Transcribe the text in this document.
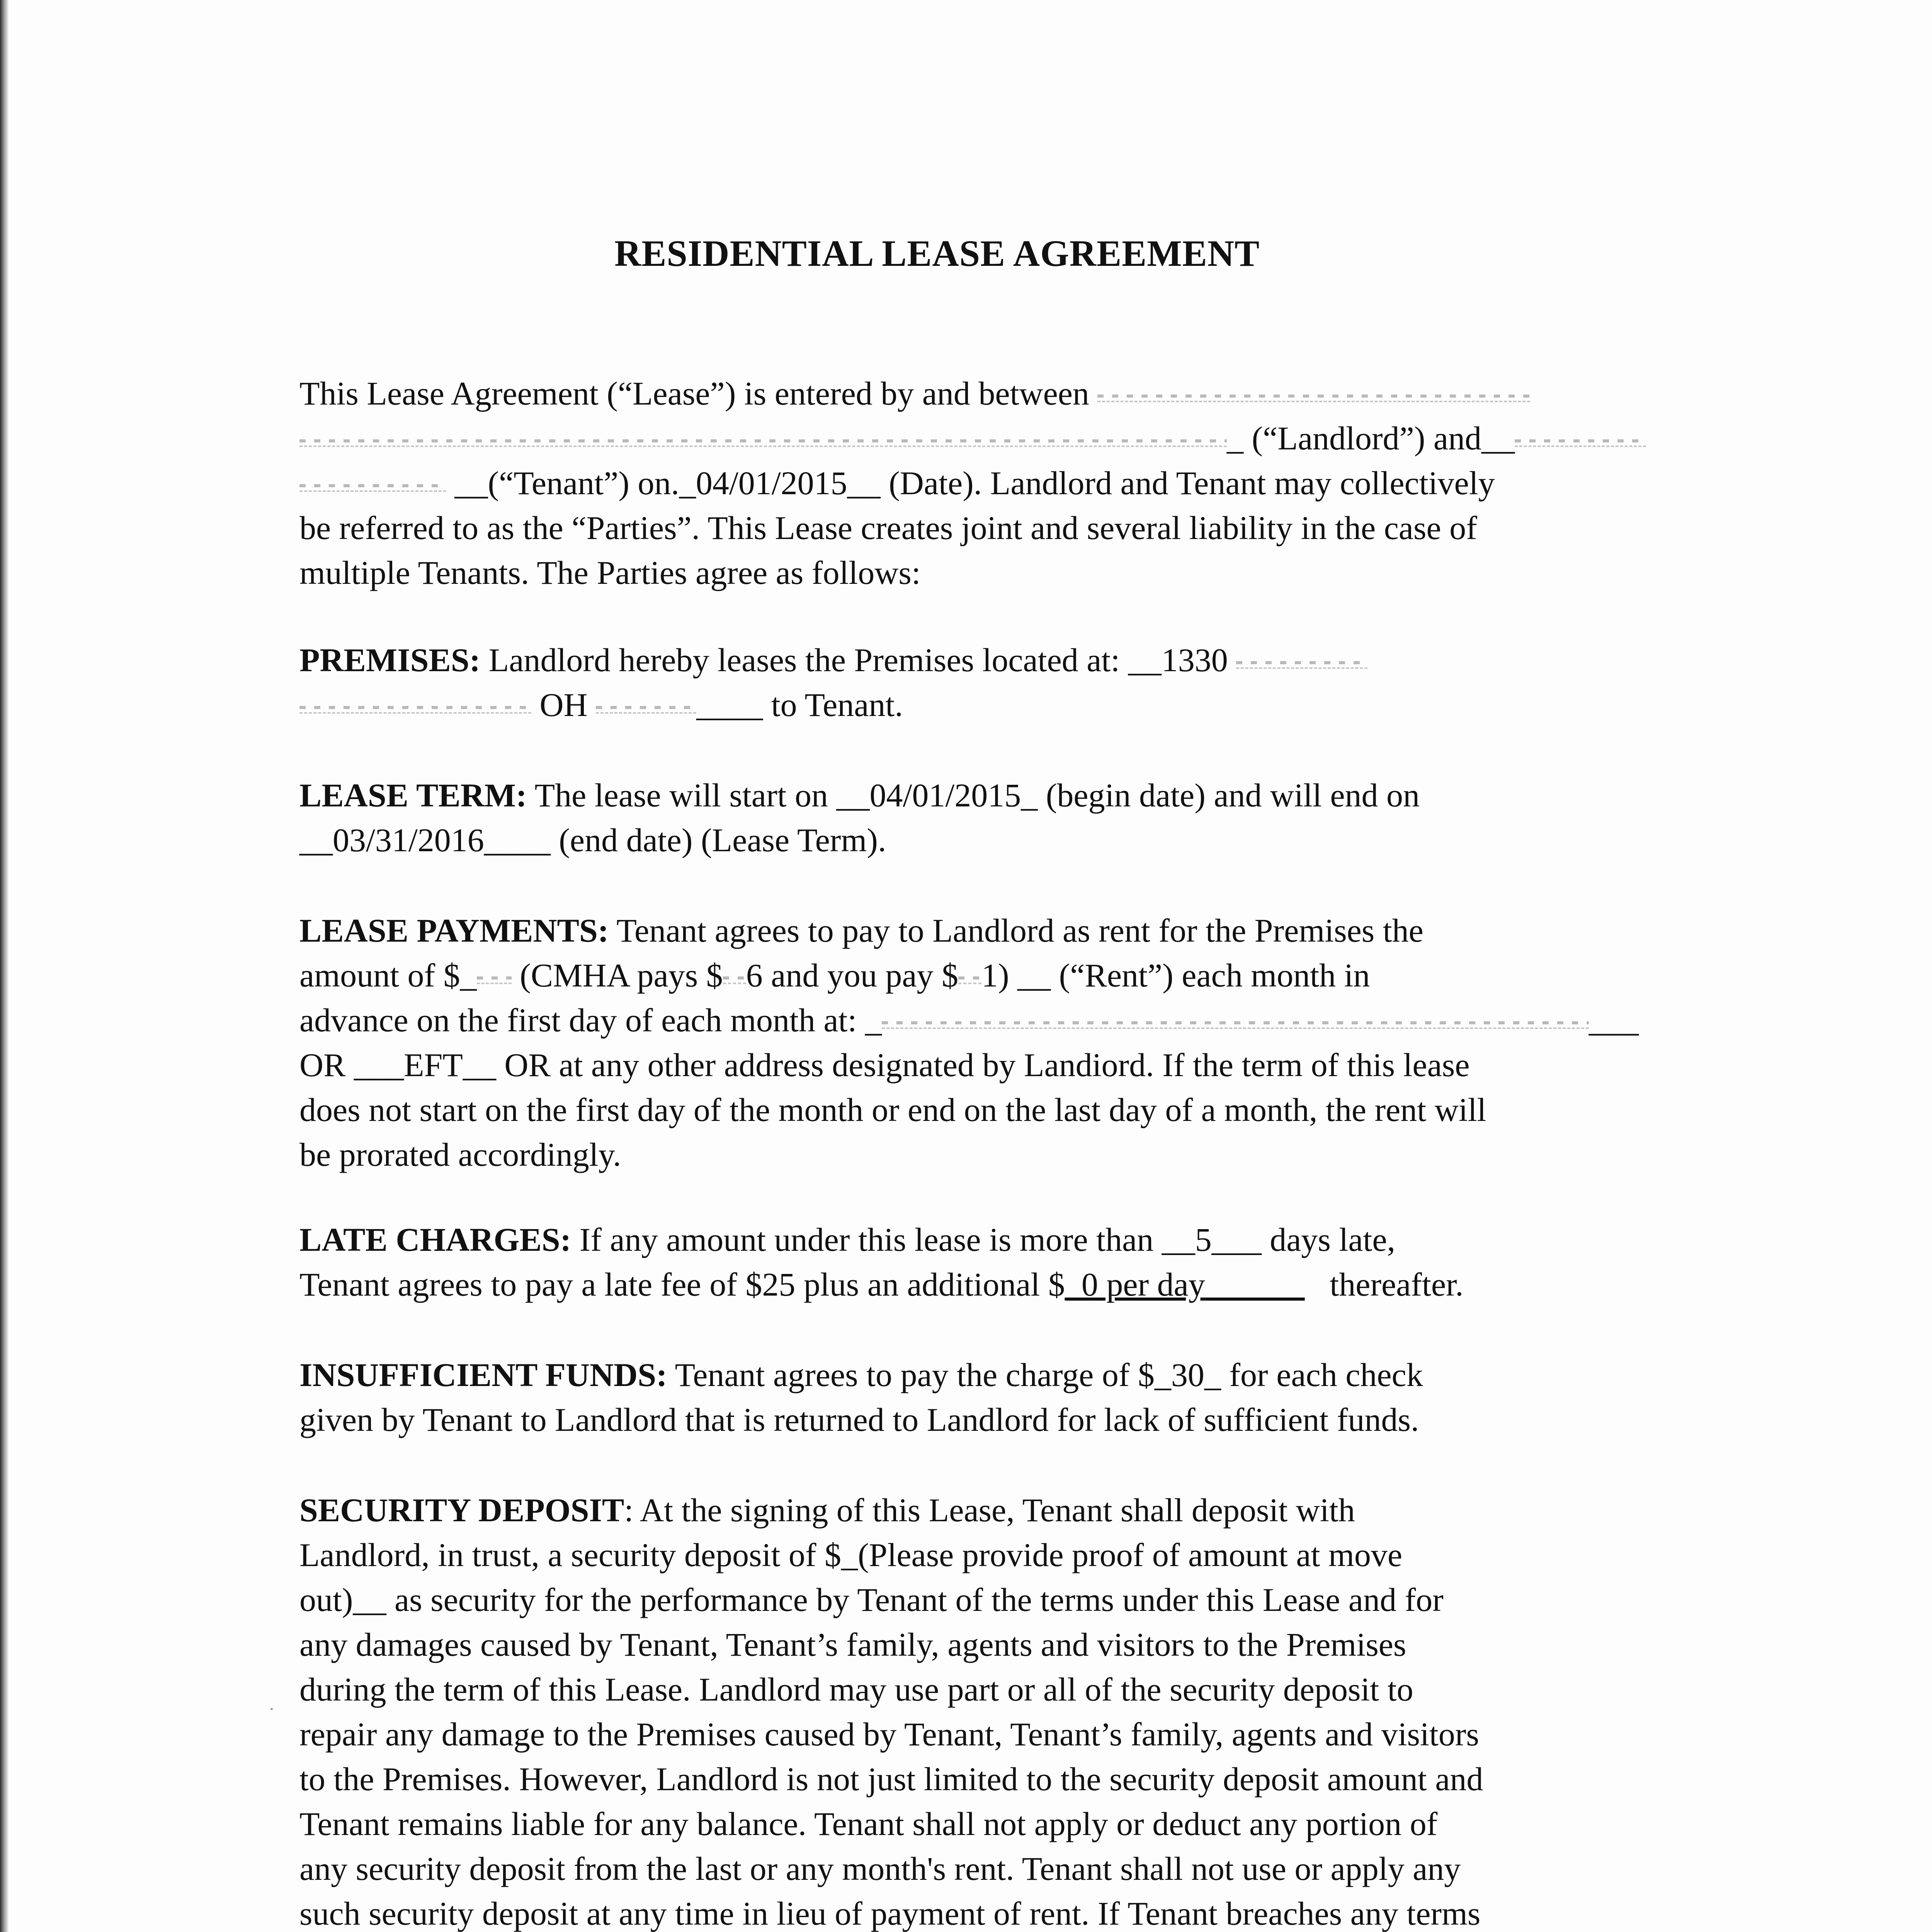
RESIDENTIAL LEASE AGREEMENT
This Lease Agreement (“Lease”) is entered by and between
_ (“Landlord”) and__
__(“Tenant”) on._04/01/2015__ (Date). Landlord and Tenant may collectively
be referred to as the “Parties”. This Lease creates joint and several liability in the case of
multiple Tenants. The Parties agree as follows:
PREMISES: Landlord hereby leases the Premises located at: __1330
OH	____ to Tenant.
LEASE TERM: The lease will start on __04/01/2015_ (begin date) and will end on
__03/31/2016____ (end date) (Lease Term).
LEASE PAYMENTS: Tenant agrees to pay to Landlord as rent for the Premises the
amount of $_ (CMHA pays $ 6 and you pay $ 1) __ (“Rent”) each month in
advance on the first day of each month at: _	___
OR ___EFT__ OR at any other address designated by Landiord. If the term of this lease
does not start on the first day of the month or end on the last day of a month, the rent will
be prorated accordingly.
LATE CHARGES: If any amount under this lease is more than __5___ days late,
Tenant agrees to pay a late fee of $25 plus an additional $_0 per day	thereafter.
INSUFFICIENT FUNDS: Tenant agrees to pay the charge of $_30_ for each check
given by Tenant to Landlord that is returned to Landlord for lack of sufficient funds.
SECURITY DEPOSIT: At the signing of this Lease, Tenant shall deposit with
Landlord, in trust, a security deposit of $_(Please provide proof of amount at move
out)__ as security for the performance by Tenant of the terms under this Lease and for
any damages caused by Tenant, Tenant’s family, agents and visitors to the Premises
during the term of this Lease. Landlord may use part or all of the security deposit to
repair any damage to the Premises caused by Tenant, Tenant’s family, agents and visitors
to the Premises. However, Landlord is not just limited to the security deposit amount and
Tenant remains liable for any balance. Tenant shall not apply or deduct any portion of
any security deposit from the last or any month's rent. Tenant shall not use or apply any
such security deposit at any time in lieu of payment of rent. If Tenant breaches any terms
